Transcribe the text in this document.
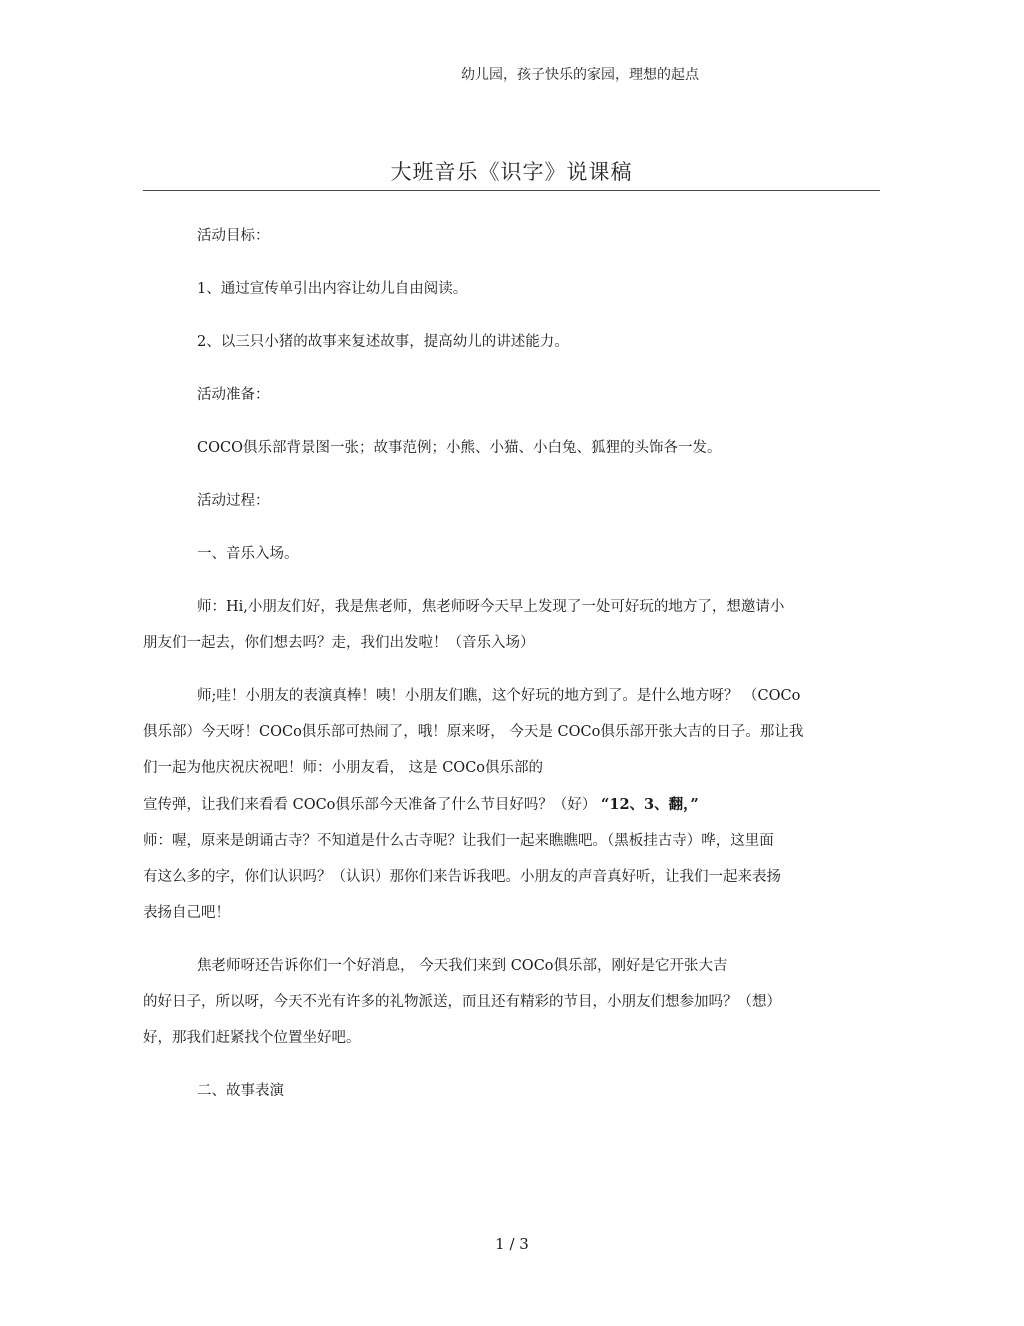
幼儿园，孩子快乐的家园，理想的起点
大班音乐《识字》说课稿
活动目标：
1、通过宣传单引出内容让幼儿自由阅读。
2、以三只小猪的故事来复述故事，提高幼儿的讲述能力。
活动准备：
COCO俱乐部背景图一张；故事范例；小熊、小猫、小白兔、狐狸的头饰各一发。
活动过程：
一、音乐入场。
师：Hi,小朋友们好，我是焦老师，焦老师呀今天早上发现了一处可好玩的地方了，想邀请小
朋友们一起去，你们想去吗？走，我们出发啦！（音乐入场）
师;哇！小朋友的表演真棒！咦！小朋友们瞧，这个好玩的地方到了。是什么地方呀？ （COCo
俱乐部）今天呀！COCo俱乐部可热闹了，哦！原来呀， 今天是 COCo俱乐部开张大吉的日子。那让我
们一起为他庆祝庆祝吧！师：小朋友看， 这是 COCo俱乐部的
宣传弹，让我们来看看 COCo俱乐部今天准备了什么节目好吗？（好） “12、3、翻，”
师：喔，原来是朗诵古寺？不知道是什么古寺呢？让我们一起来瞧瞧吧。（黑板挂古寺）哗，这里面
有这么多的字，你们认识吗？（认识）那你们来告诉我吧。小朋友的声音真好听，让我们一起来表扬
表扬自己吧！
焦老师呀还告诉你们一个好消息， 今天我们来到 COCo俱乐部，刚好是它开张大吉
的好日子，所以呀，今天不光有许多的礼物派送，而且还有精彩的节目，小朋友们想参加吗？（想）
好，那我们赶紧找个位置坐好吧。
二、故事表演
1 / 3
